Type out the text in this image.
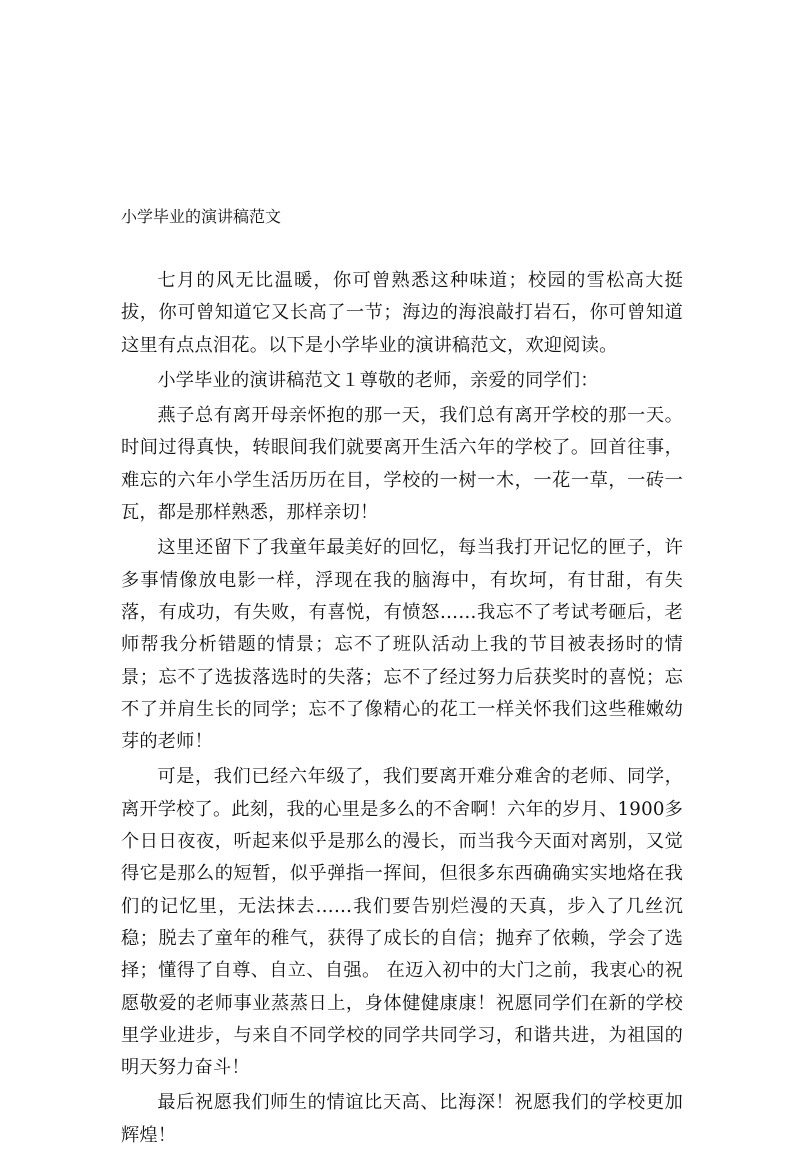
小学毕业的演讲稿范文

七月的风无比温暖，你可曾熟悉这种味道；校园的雪松高大挺拔，你可曾知道它又长高了一节；海边的海浪敲打岩石，你可曾知道这里有点点泪花。以下是小学毕业的演讲稿范文，欢迎阅读。

小学毕业的演讲稿范文１尊敬的老师，亲爱的同学们：

燕子总有离开母亲怀抱的那一天，我们总有离开学校的那一天。时间过得真快，转眼间我们就要离开生活六年的学校了。回首往事，难忘的六年小学生活历历在目，学校的一树一木，一花一草，一砖一瓦，都是那样熟悉，那样亲切！

这里还留下了我童年最美好的回忆，每当我打开记忆的匣子，许多事情像放电影一样，浮现在我的脑海中，有坎坷，有甘甜，有失落，有成功，有失败，有喜悦，有愤怒……我忘不了考试考砸后，老师帮我分析错题的情景；忘不了班队活动上我的节目被表扬时的情景；忘不了选拔落选时的失落；忘不了经过努力后获奖时的喜悦；忘不了并肩生长的同学；忘不了像精心的花工一样关怀我们这些稚嫩幼芽的老师！

可是，我们已经六年级了，我们要离开难分难舍的老师、同学，离开学校了。此刻，我的心里是多么的不舍啊！六年的岁月、1900多个日日夜夜，听起来似乎是那么的漫长，而当我今天面对离别，又觉得它是那么的短暂，似乎弹指一挥间，但很多东西确确实实地烙在我们的记忆里，无法抹去……我们要告别烂漫的天真，步入了几丝沉稳；脱去了童年的稚气，获得了成长的自信；抛弃了依赖，学会了选择；懂得了自尊、自立、自强。 在迈入初中的大门之前，我衷心的祝愿敬爱的老师事业蒸蒸日上，身体健健康康！祝愿同学们在新的学校里学业进步，与来自不同学校的同学共同学习，和谐共进，为祖国的明天努力奋斗！

最后祝愿我们师生的情谊比天高、比海深！祝愿我们的学校更加辉煌！
